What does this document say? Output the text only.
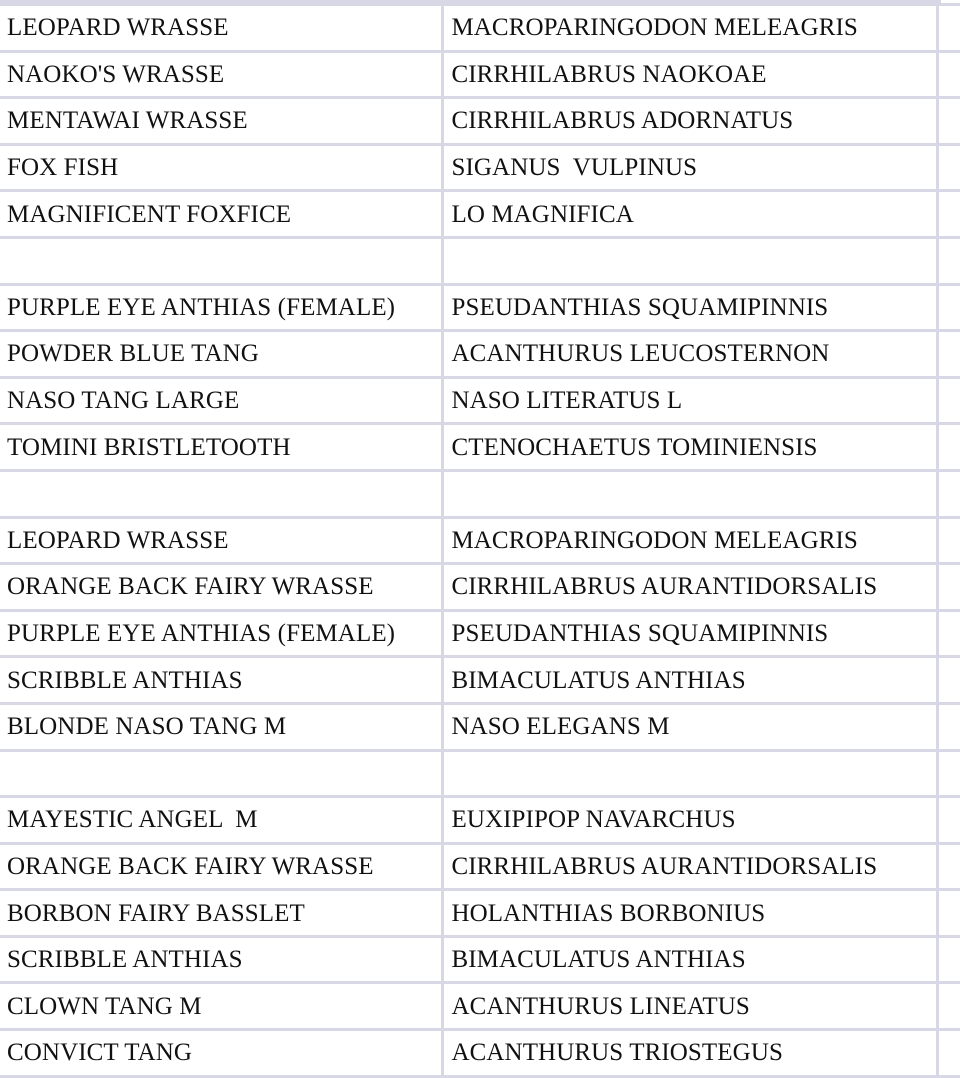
LEOPARD WRASSE	MACROPARINGODON MELEAGRIS	
NAOKO'S WRASSE	CIRRHILABRUS NAOKOAE	
MENTAWAI WRASSE	CIRRHILABRUS ADORNATUS	
FOX FISH	SIGANUS  VULPINUS	
MAGNIFICENT FOXFICE	LO MAGNIFICA	

PURPLE EYE ANTHIAS (FEMALE)	PSEUDANTHIAS SQUAMIPINNIS	
POWDER BLUE TANG	ACANTHURUS LEUCOSTERNON	
NASO TANG LARGE	NASO LITERATUS L	
TOMINI BRISTLETOOTH	CTENOCHAETUS TOMINIENSIS	

LEOPARD WRASSE	MACROPARINGODON MELEAGRIS	
ORANGE BACK FAIRY WRASSE	CIRRHILABRUS AURANTIDORSALIS	
PURPLE EYE ANTHIAS (FEMALE)	PSEUDANTHIAS SQUAMIPINNIS	
SCRIBBLE ANTHIAS	BIMACULATUS ANTHIAS	
BLONDE NASO TANG M	NASO ELEGANS M	

MAYESTIC ANGEL  M	EUXIPIPOP NAVARCHUS	
ORANGE BACK FAIRY WRASSE	CIRRHILABRUS AURANTIDORSALIS	
BORBON FAIRY BASSLET	HOLANTHIAS BORBONIUS	
SCRIBBLE ANTHIAS	BIMACULATUS ANTHIAS	
CLOWN TANG M	ACANTHURUS LINEATUS	
CONVICT TANG	ACANTHURUS TRIOSTEGUS	
